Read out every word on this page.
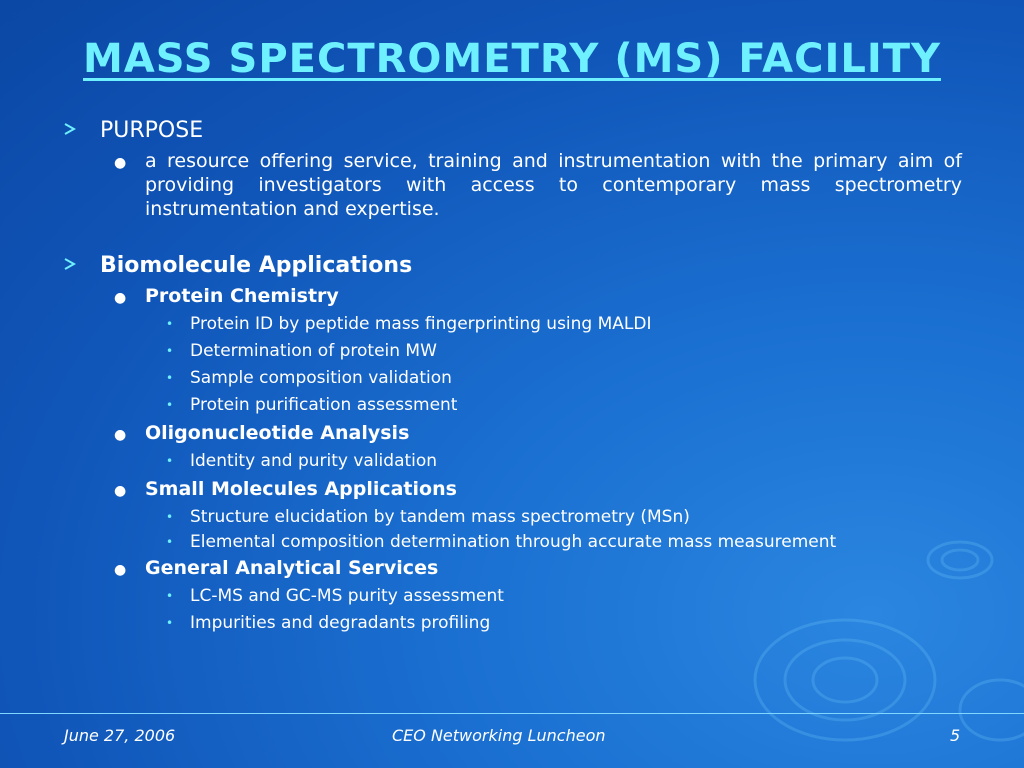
MASS SPECTROMETRY (MS) FACILITY
PURPOSE
● a resource offering service, training and instrumentation with the primary aim of providing investigators with access to contemporary mass spectrometry instrumentation and expertise.
Biomolecule Applications
● Protein Chemistry
• Protein ID by peptide mass fingerprinting using MALDI
• Determination of protein MW
• Sample composition validation
• Protein purification assessment
● Oligonucleotide Analysis
• Identity and purity validation
● Small Molecules Applications
• Structure elucidation by tandem mass spectrometry (MSn)
• Elemental composition determination through accurate mass measurement
● General Analytical Services
• LC-MS and GC-MS purity assessment
• Impurities and degradants profiling
June 27, 2006	CEO Networking Luncheon	5
